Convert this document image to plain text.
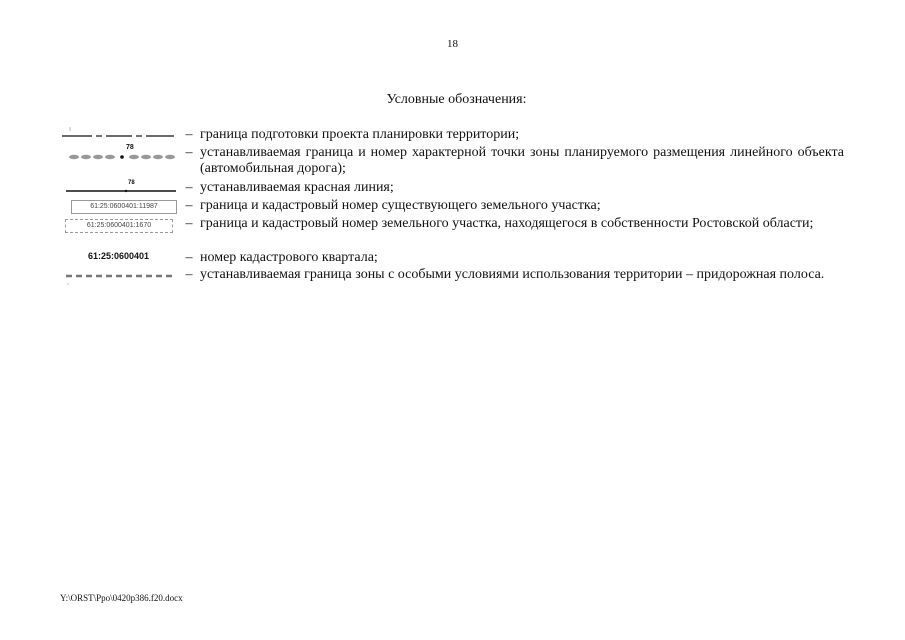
18
Условные обозначения:
– граница подготовки проекта планировки территории;
78	– устанавливаемая граница и номер характерной точки зоны планируемого размещения линейного объекта (автомобильная дорога);
78	– устанавливаемая красная линия;
61:25:0600401:11987	– граница и кадастровый номер существующего земельного участка;
61:25:0600401:1670	– граница и кадастровый номер земельного участка, находящегося в собственности Ростовской области;
61:25:0600401	– номер кадастрового квартала;
– устанавливаемая граница зоны с особыми условиями использования территории – придорожная полоса.
Y:\ORST\Ppo\0420p386.f20.docx
